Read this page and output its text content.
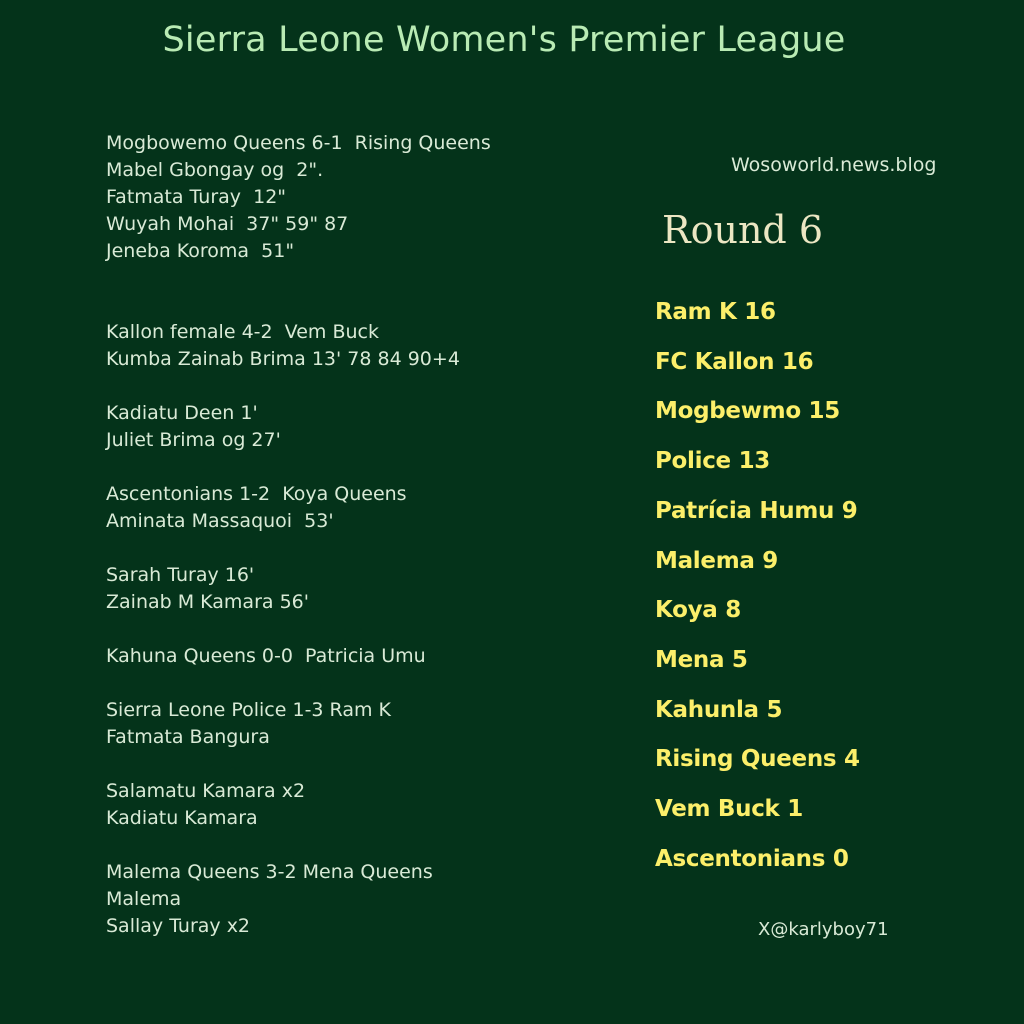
Sierra Leone Women's Premier League
Mogbowemo Queens 6-1  Rising Queens
Mabel Gbongay og  2".
Fatmata Turay  12"
Wuyah Mohai  37" 59" 87
Jeneba Koroma  51"
Kallon female 4-2  Vem Buck
Kumba Zainab Brima 13' 78 84 90+4
Kadiatu Deen 1'
Juliet Brima og 27'
Ascentonians 1-2  Koya Queens
Aminata Massaquoi  53'
Sarah Turay 16'
Zainab M Kamara 56'
Kahuna Queens 0-0  Patricia Umu
Sierra Leone Police 1-3 Ram K
Fatmata Bangura
Salamatu Kamara x2
Kadiatu Kamara
Malema Queens 3-2 Mena Queens
Malema
Sallay Turay x2
Wosoworld.news.blog
Round 6
Ram K 16
FC Kallon 16
Mogbewmo 15
Police 13
Patrícia Humu 9
Malema 9
Koya 8
Mena 5
Kahunla 5
Rising Queens 4
Vem Buck 1
Ascentonians 0
X@karlyboy71
